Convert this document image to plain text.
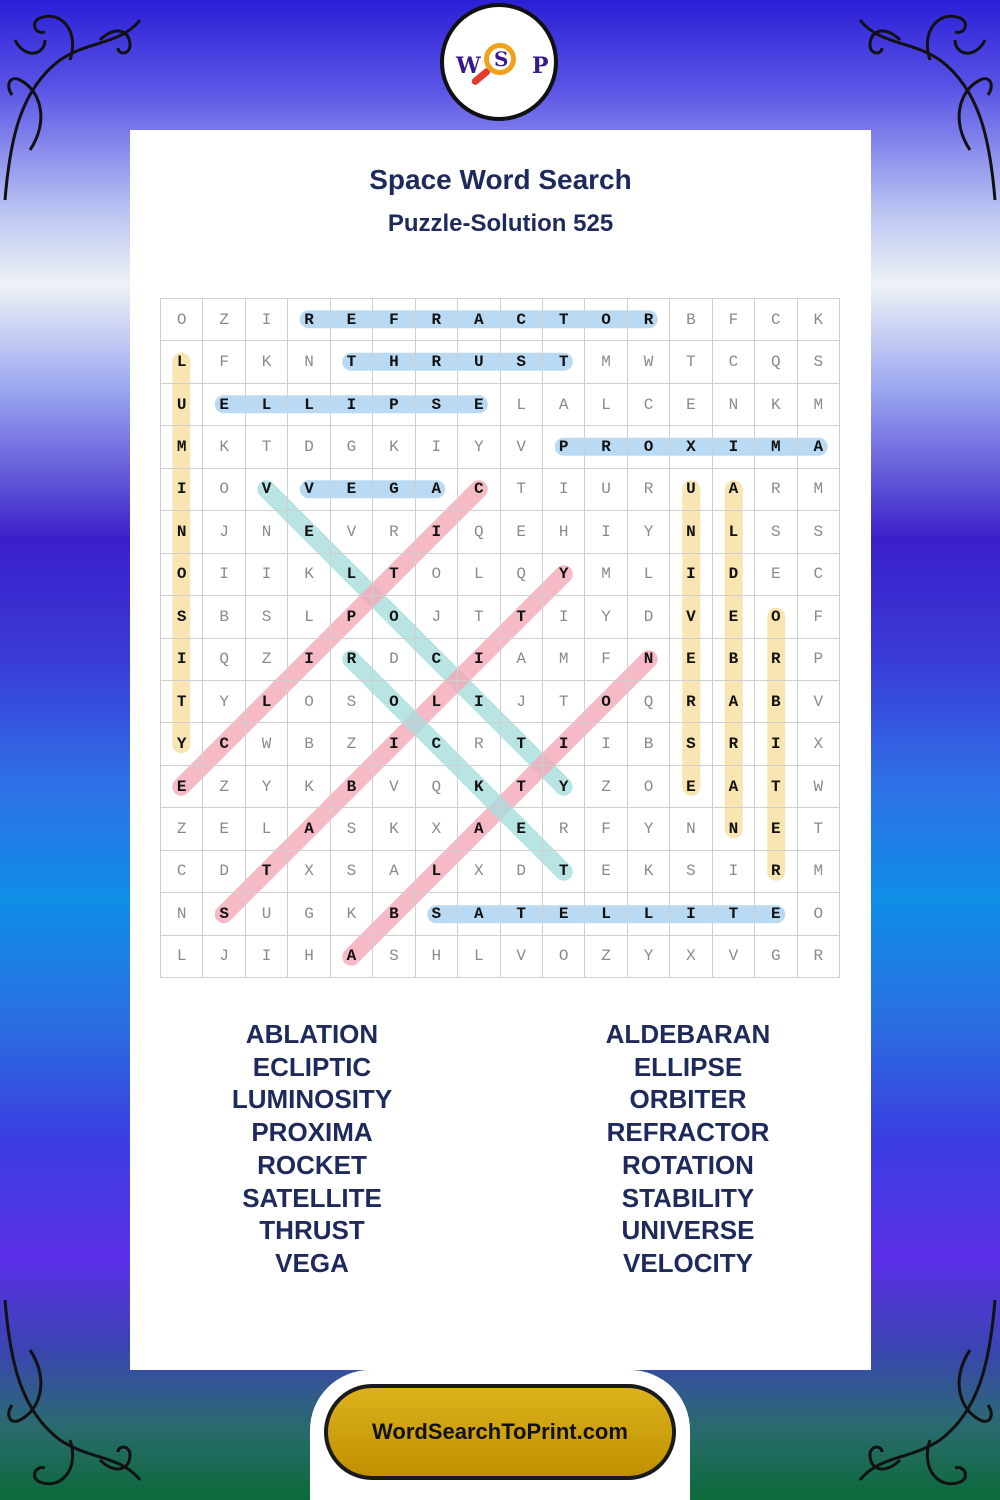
W S P
Space Word Search
Puzzle-Solution 525
O	Z	I	R	E	F	R	A	C	T	O	R	B	F	C	K
L	F	K	N	T	H	R	U	S	T	M	W	T	C	Q	S
U	E	L	L	I	P	S	E	L	A	L	C	E	N	K	M
M	K	T	D	G	K	I	Y	V	P	R	O	X	I	M	A
I	O	V	V	E	G	A	C	T	I	U	R	U	A	R	M
N	J	N	E	V	R	I	Q	E	H	I	Y	N	L	S	S
O	I	I	K	L	T	O	L	Q	Y	M	L	I	D	E	C
S	B	S	L	P	O	J	T	T	I	Y	D	V	E	O	F
I	Q	Z	I	R	D	C	I	A	M	F	N	E	B	R	P
T	Y	L	O	S	O	L	I	J	T	O	Q	R	A	B	V
Y	C	W	B	Z	I	C	R	T	I	I	B	S	R	I	X
E	Z	Y	K	B	V	Q	K	T	Y	Z	O	E	A	T	W
Z	E	L	A	S	K	X	A	E	R	F	Y	N	N	E	T
C	D	T	X	S	A	L	X	D	T	E	K	S	I	R	M
N	S	U	G	K	B	S	A	T	E	L	L	I	T	E	O
L	J	I	H	A	S	H	L	V	O	Z	Y	X	V	G	R
ABLATION
ECLIPTIC
LUMINOSITY
PROXIMA
ROCKET
SATELLITE
THRUST
VEGA
ALDEBARAN
ELLIPSE
ORBITER
REFRACTOR
ROTATION
STABILITY
UNIVERSE
VELOCITY
WordSearchToPrint.com
